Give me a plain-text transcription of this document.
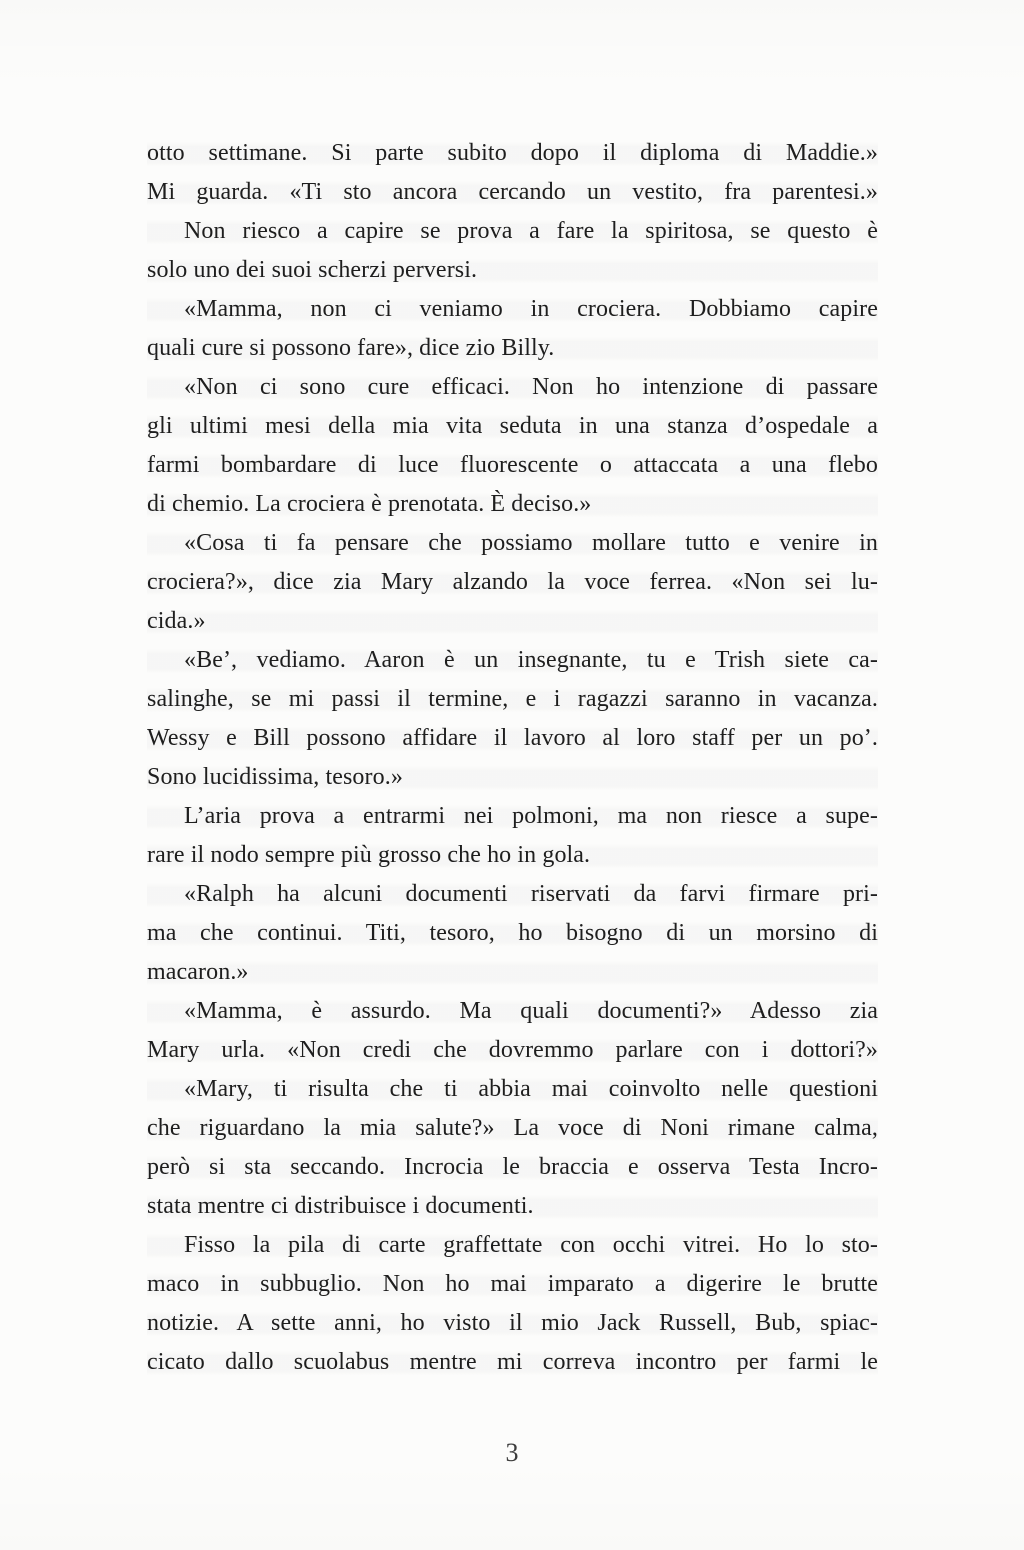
otto settimane. Si parte subito dopo il diploma di Maddie.»
Mi guarda. «Ti sto ancora cercando un vestito, fra parentesi.»
Non riesco a capire se prova a fare la spiritosa, se questo è
solo uno dei suoi scherzi perversi.
«Mamma, non ci veniamo in crociera. Dobbiamo capire
quali cure si possono fare», dice zio Billy.
«Non ci sono cure efficaci. Non ho intenzione di passare
gli ultimi mesi della mia vita seduta in una stanza d’ospedale a
farmi bombardare di luce fluorescente o attaccata a una flebo
di chemio. La crociera è prenotata. È deciso.»
«Cosa ti fa pensare che possiamo mollare tutto e venire in
crociera?», dice zia Mary alzando la voce ferrea. «Non sei lu-
cida.»
«Be’, vediamo. Aaron è un insegnante, tu e Trish siete ca-
salinghe, se mi passi il termine, e i ragazzi saranno in vacanza.
Wessy e Bill possono affidare il lavoro al loro staff per un po’.
Sono lucidissima, tesoro.»
L’aria prova a entrarmi nei polmoni, ma non riesce a supe-
rare il nodo sempre più grosso che ho in gola.
«Ralph ha alcuni documenti riservati da farvi firmare pri-
ma che continui. Titi, tesoro, ho bisogno di un morsino di
macaron.»
«Mamma, è assurdo. Ma quali documenti?» Adesso zia
Mary urla. «Non credi che dovremmo parlare con i dottori?»
«Mary, ti risulta che ti abbia mai coinvolto nelle questioni
che riguardano la mia salute?» La voce di Noni rimane calma,
però si sta seccando. Incrocia le braccia e osserva Testa Incro-
stata mentre ci distribuisce i documenti.
Fisso la pila di carte graffettate con occhi vitrei. Ho lo sto-
maco in subbuglio. Non ho mai imparato a digerire le brutte
notizie. A sette anni, ho visto il mio Jack Russell, Bub, spiac-
cicato dallo scuolabus mentre mi correva incontro per farmi le
3
